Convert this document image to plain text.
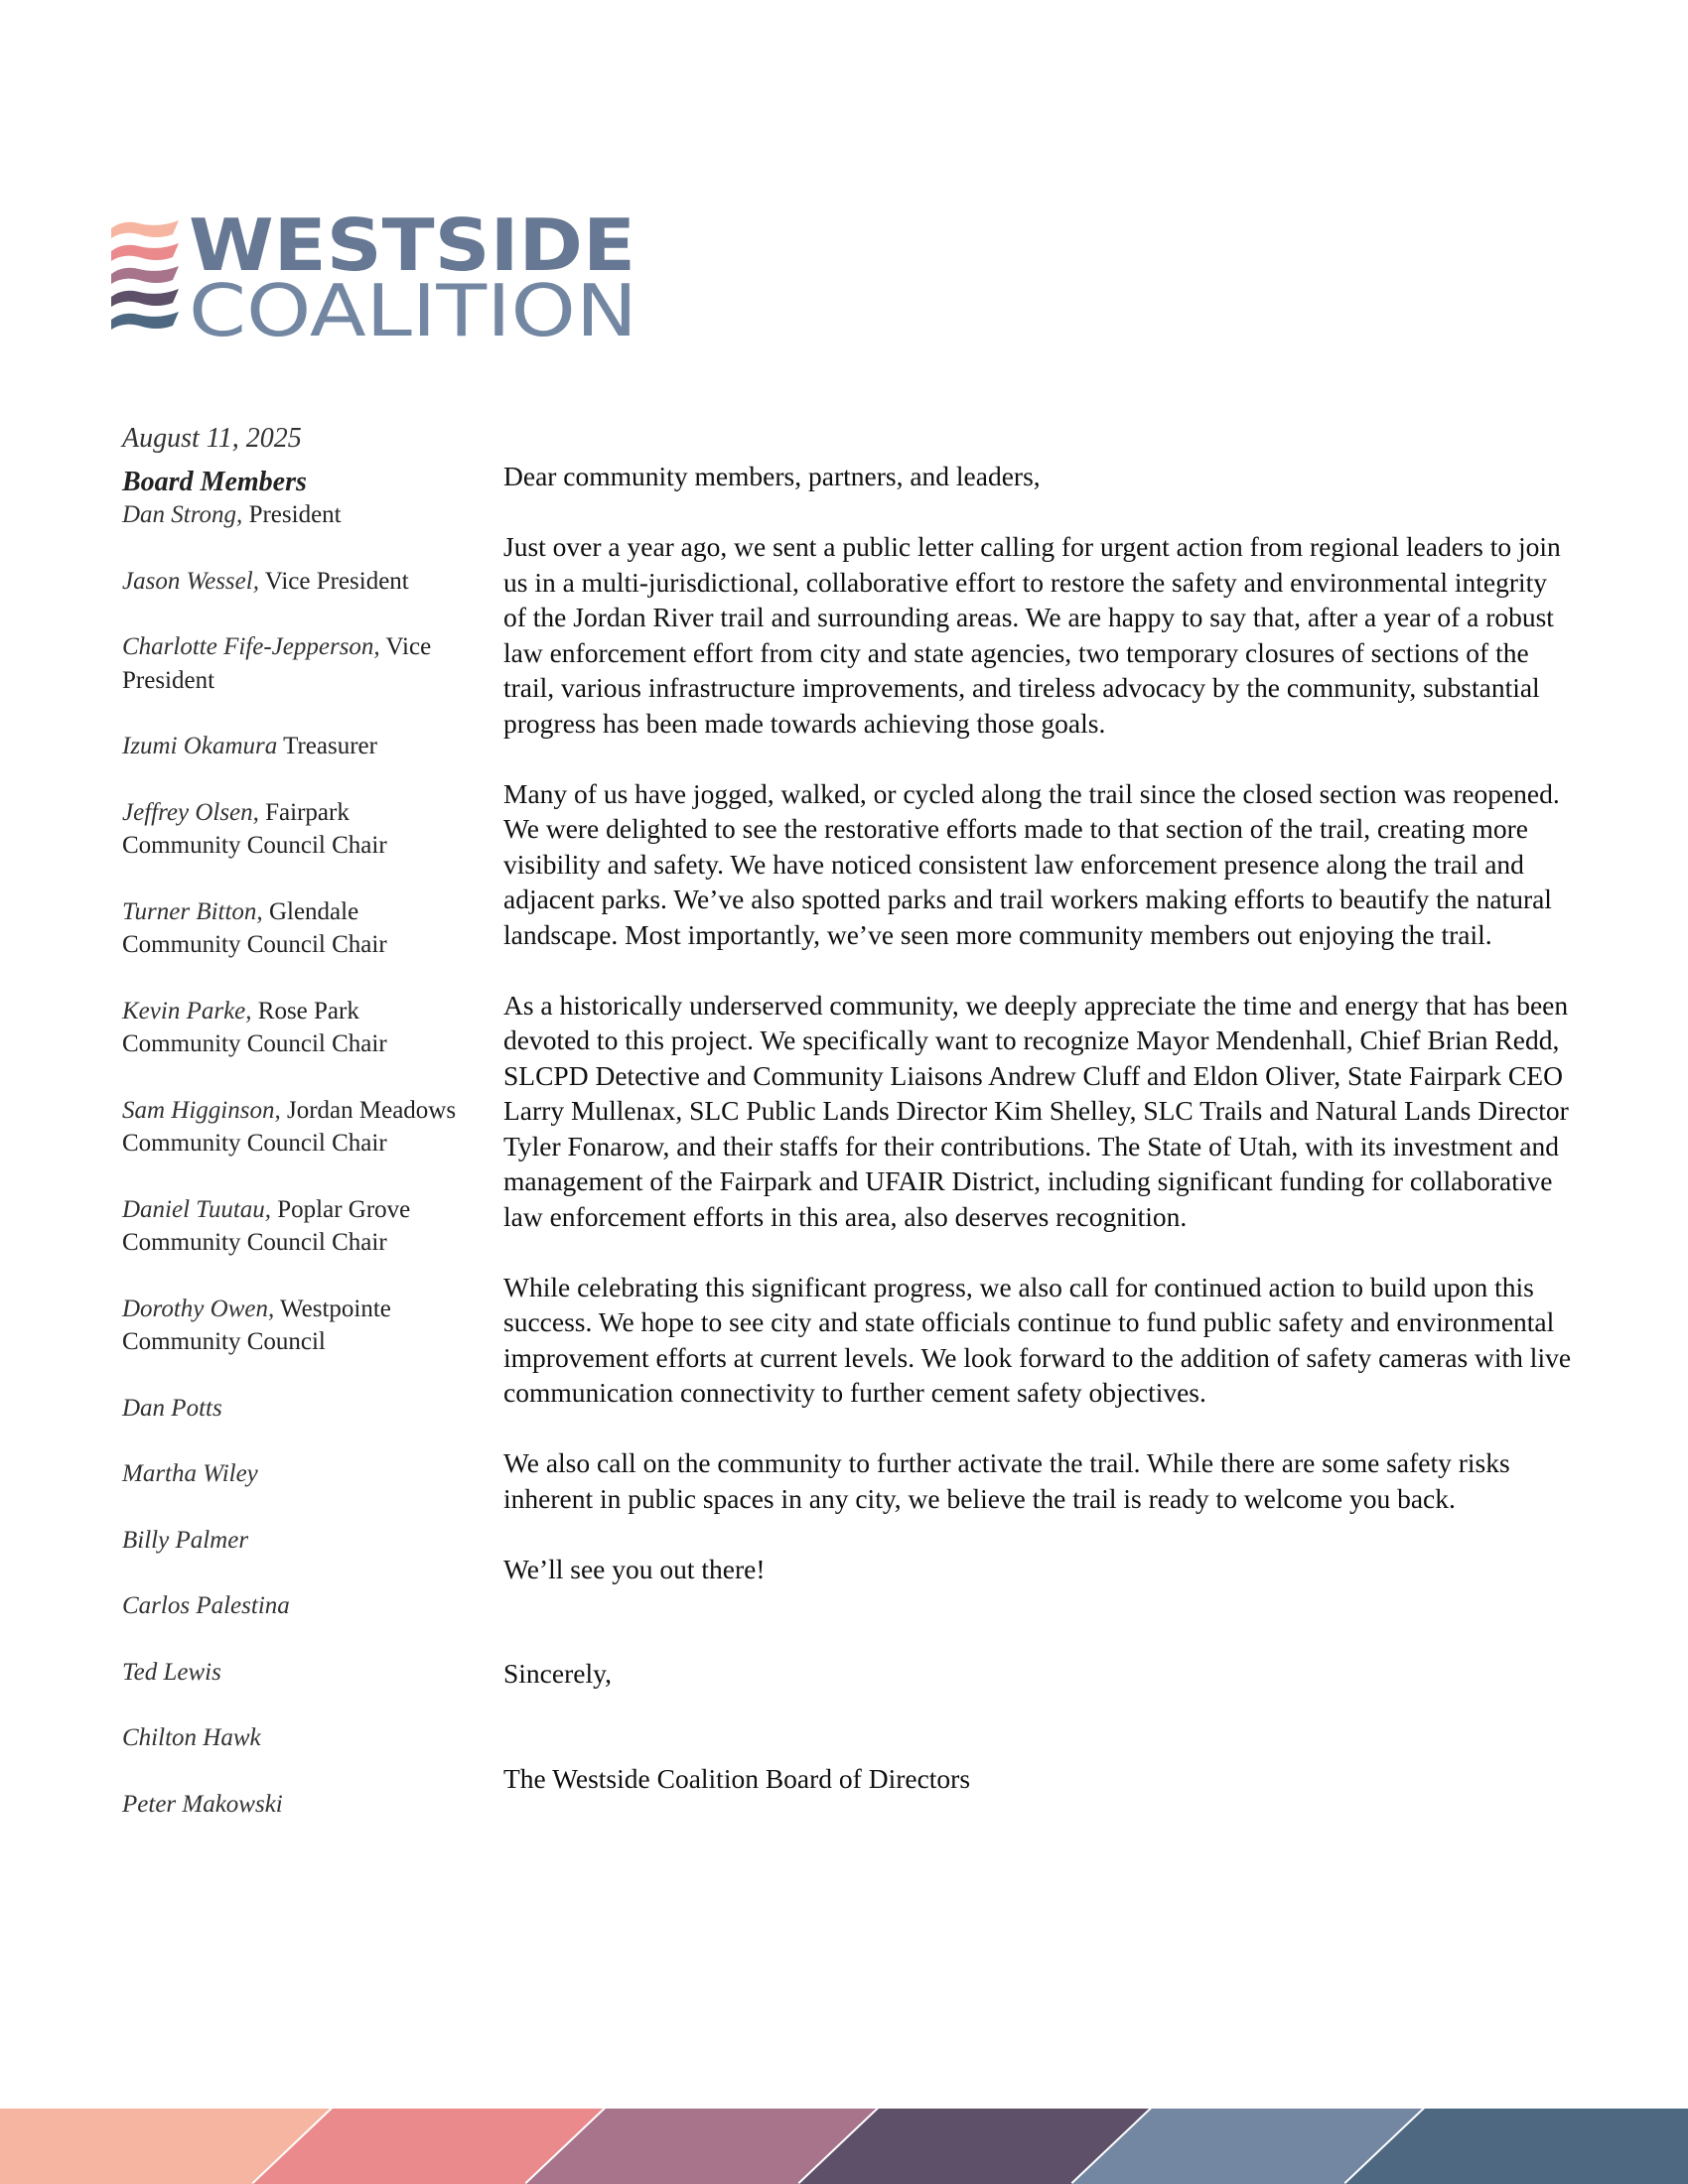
WESTSIDE
COALITION
August 11, 2025
Board Members
Dan Strong, President
Jason Wessel, Vice President
Charlotte Fife-Jepperson, Vice President
Izumi Okamura Treasurer
Jeffrey Olsen, Fairpark Community Council Chair
Turner Bitton, Glendale Community Council Chair
Kevin Parke, Rose Park Community Council Chair
Sam Higginson, Jordan Meadows Community Council Chair
Daniel Tuutau, Poplar Grove Community Council Chair
Dorothy Owen, Westpointe Community Council
Dan Potts
Martha Wiley
Billy Palmer
Carlos Palestina
Ted Lewis
Chilton Hawk
Peter Makowski

Dear community members, partners, and leaders,

Just over a year ago, we sent a public letter calling for urgent action from regional leaders to join us in a multi-jurisdictional, collaborative effort to restore the safety and environmental integrity of the Jordan River trail and surrounding areas. We are happy to say that, after a year of a robust law enforcement effort from city and state agencies, two temporary closures of sections of the trail, various infrastructure improvements, and tireless advocacy by the community, substantial progress has been made towards achieving those goals.

Many of us have jogged, walked, or cycled along the trail since the closed section was reopened. We were delighted to see the restorative efforts made to that section of the trail, creating more visibility and safety. We have noticed consistent law enforcement presence along the trail and adjacent parks. We’ve also spotted parks and trail workers making efforts to beautify the natural landscape. Most importantly, we’ve seen more community members out enjoying the trail.

As a historically underserved community, we deeply appreciate the time and energy that has been devoted to this project. We specifically want to recognize Mayor Mendenhall, Chief Brian Redd, SLCPD Detective and Community Liaisons Andrew Cluff and Eldon Oliver, State Fairpark CEO Larry Mullenax, SLC Public Lands Director Kim Shelley, SLC Trails and Natural Lands Director Tyler Fonarow, and their staffs for their contributions. The State of Utah, with its investment and management of the Fairpark and UFAIR District, including significant funding for collaborative law enforcement efforts in this area, also deserves recognition.

While celebrating this significant progress, we also call for continued action to build upon this success. We hope to see city and state officials continue to fund public safety and environmental improvement efforts at current levels. We look forward to the addition of safety cameras with live communication connectivity to further cement safety objectives.

We also call on the community to further activate the trail. While there are some safety risks inherent in public spaces in any city, we believe the trail is ready to welcome you back.

We’ll see you out there!

Sincerely,

The Westside Coalition Board of Directors
